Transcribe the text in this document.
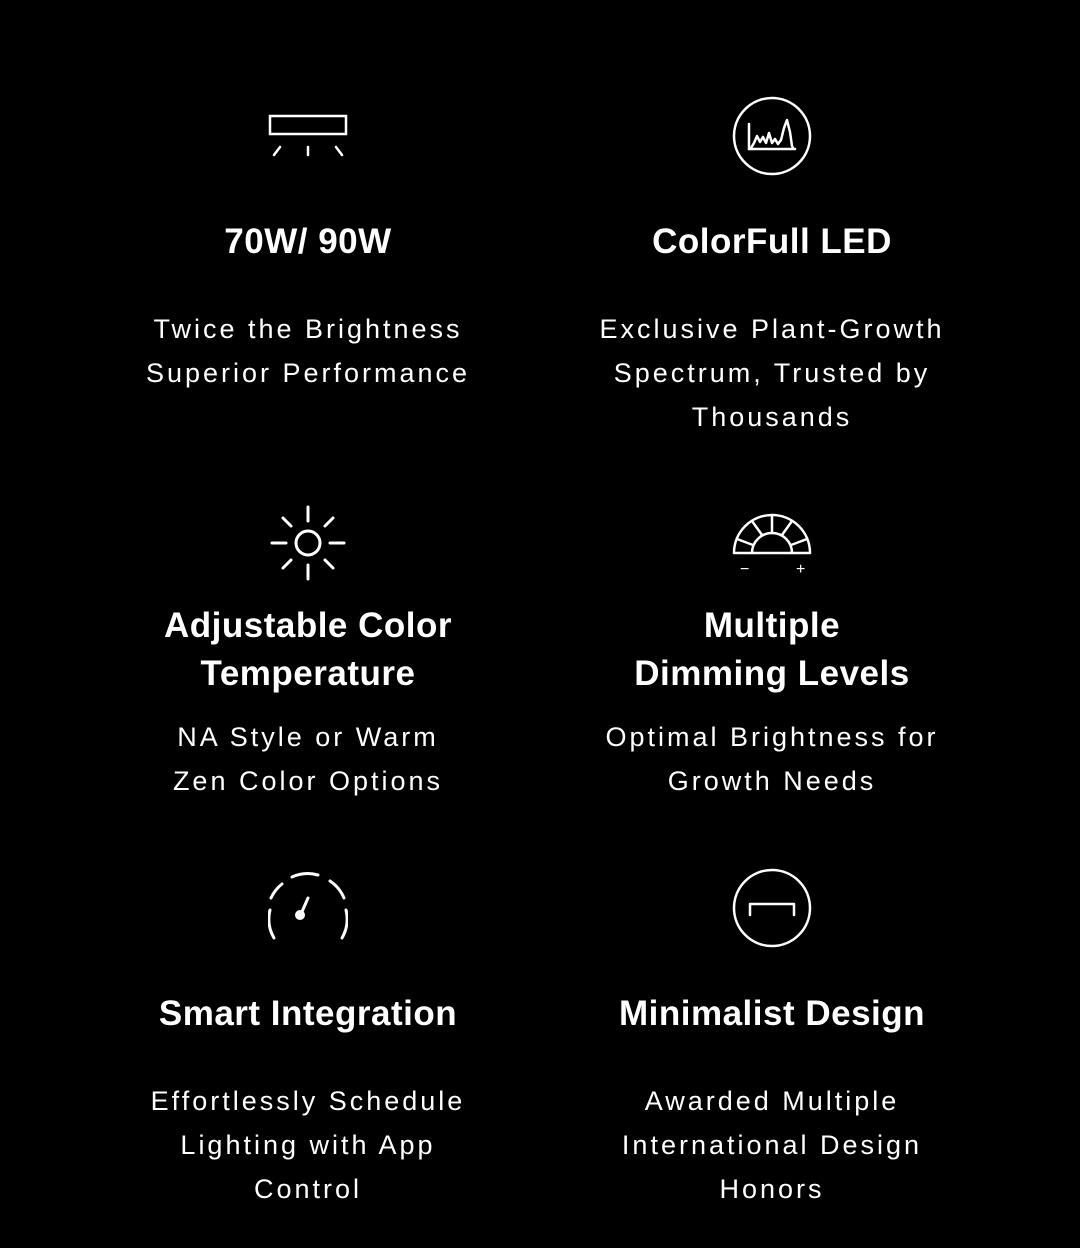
70W/ 90W

Twice the Brightness
Superior Performance

ColorFull LED

Exclusive Plant-Growth
Spectrum, Trusted by
Thousands

Adjustable Color
Temperature

NA Style or Warm
Zen Color Options

−	+
Multiple
Dimming Levels

Optimal Brightness for
Growth Needs

Smart Integration

Effortlessly Schedule
Lighting with App
Control

Minimalist Design

Awarded Multiple
International Design
Honors
